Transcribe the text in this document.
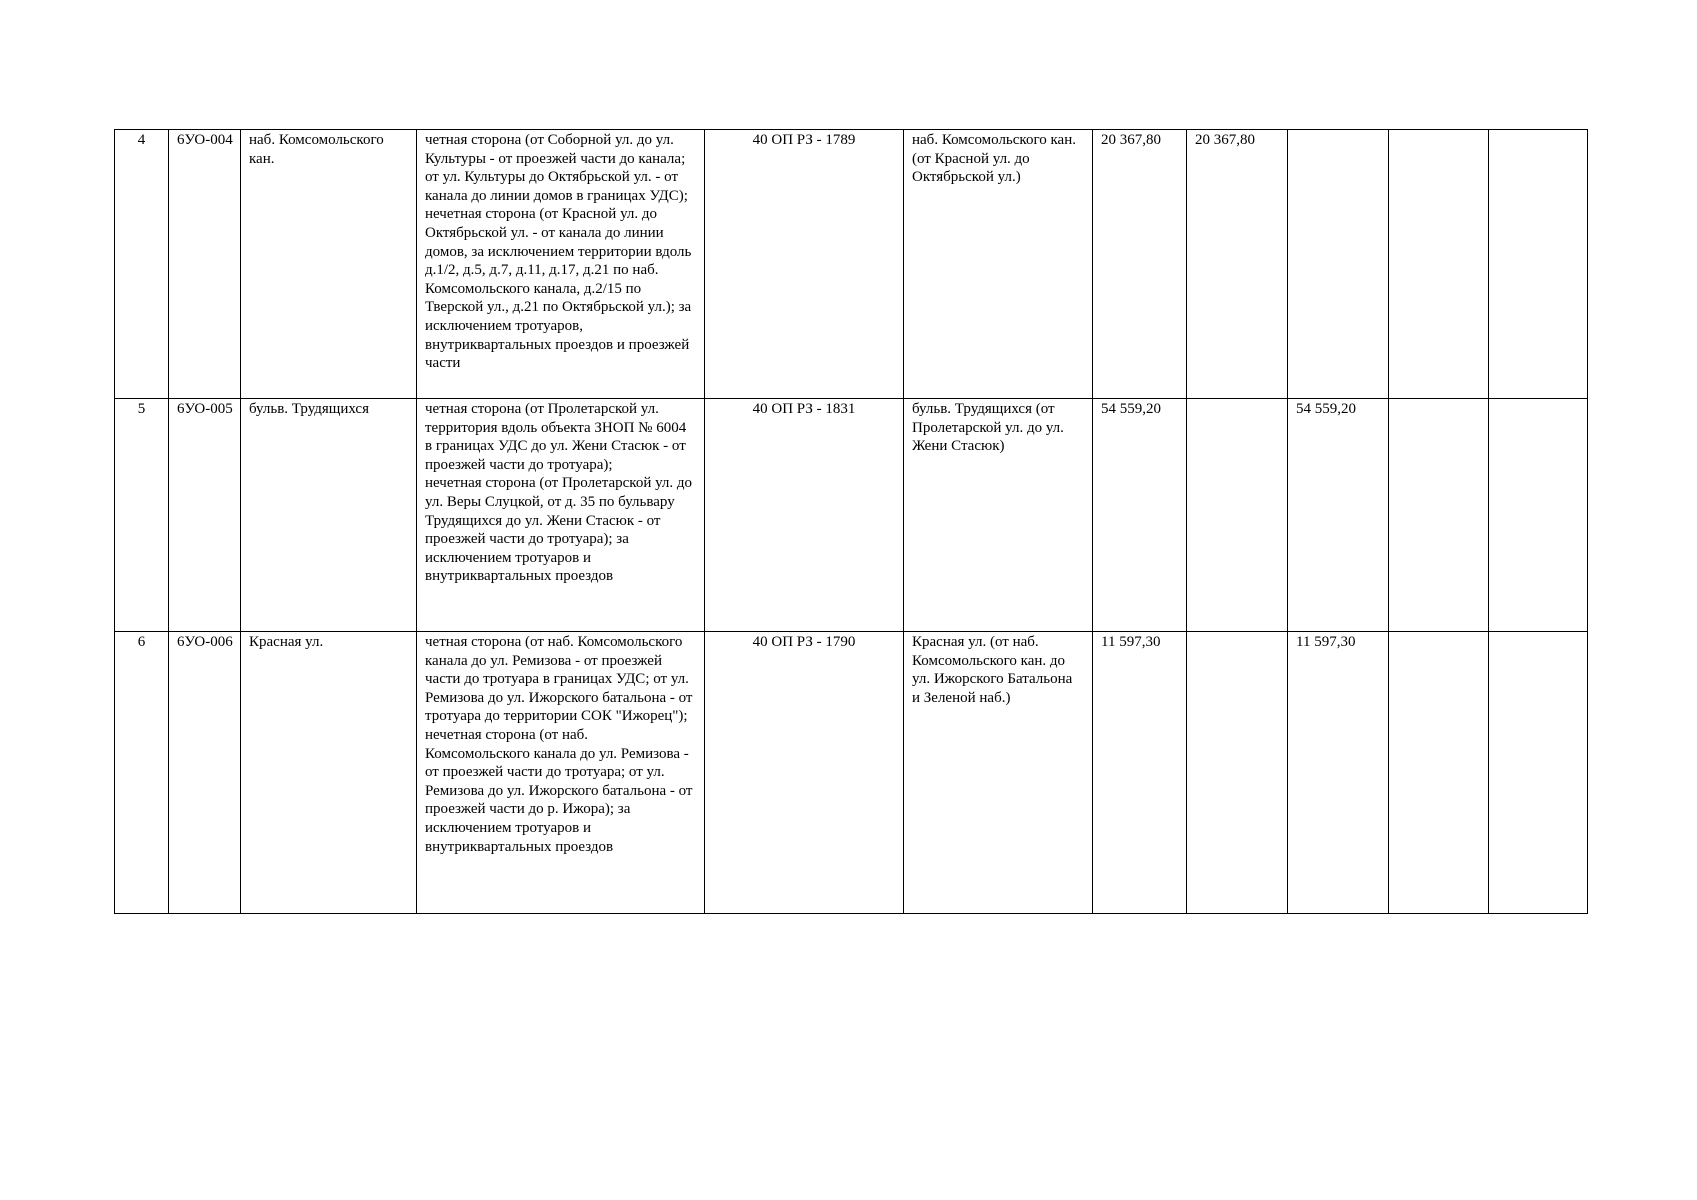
4	6УО-004	наб. Комсомольского кан.	четная сторона (от Соборной ул. до ул. Культуры - от проезжей части до канала; от ул. Культуры до Октябрьской ул. - от канала до линии домов в границах УДС);
нечетная сторона (от Красной ул. до Октябрьской ул. - от канала до линии домов, за исключением территории вдоль д.1/2, д.5, д.7, д.11, д.17, д.21 по наб. Комсомольского канала, д.2/15 по Тверской ул., д.21 по Октябрьской ул.); за исключением тротуаров, внутриквартальных проездов и проезжей части	40 ОП РЗ - 1789	наб. Комсомольского кан. (от Красной ул. до Октябрьской ул.)	20 367,80	20 367,80			
5	6УО-005	бульв. Трудящихся	четная сторона (от Пролетарской ул. территория вдоль объекта ЗНОП № 6004 в границах УДС до ул. Жени Стасюк - от проезжей части до тротуара);
нечетная сторона (от Пролетарской ул. до ул. Веры Слуцкой, от д. 35 по бульвару Трудящихся до ул. Жени Стасюк - от проезжей части до тротуара); за исключением тротуаров и внутриквартальных проездов	40 ОП РЗ - 1831	бульв. Трудящихся (от Пролетарской ул. до ул. Жени Стасюк)	54 559,20		54 559,20		
6	6УО-006	Красная ул.	четная сторона (от наб. Комсомольского канала до ул. Ремизова - от проезжей части до тротуара в границах УДС; от ул. Ремизова до ул. Ижорского батальона - от тротуара до территории СОК "Ижорец");
нечетная сторона (от наб. Комсомольского канала до ул. Ремизова - от проезжей части до тротуара; от ул. Ремизова до ул. Ижорского батальона - от проезжей части до р. Ижора); за исключением тротуаров и внутриквартальных проездов	40 ОП РЗ - 1790	Красная ул. (от наб. Комсомольского кан. до ул. Ижорского Батальона и Зеленой наб.)	11 597,30		11 597,30		
